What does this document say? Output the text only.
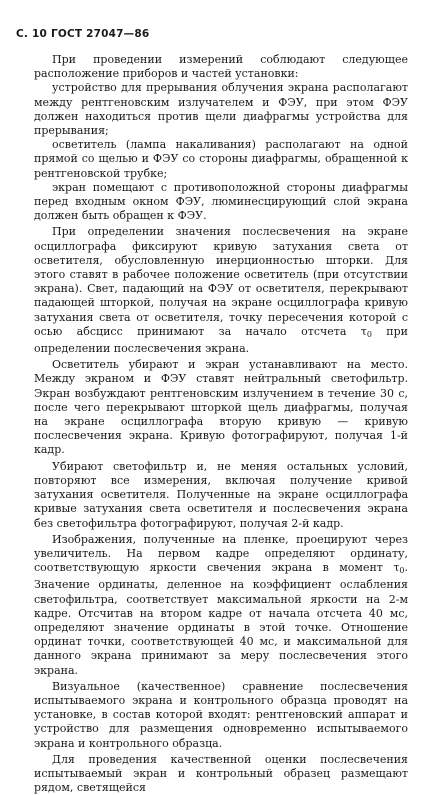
С. 10 ГОСТ 27047—86

При проведении измерений соблюдают следующее расположение приборов и частей установки:

устройство для прерывания облучения экрана располагают между рентгеновским излучателем и ФЭУ, при этом ФЭУ должен находиться против щели диафрагмы устройства для прерывания;

осветитель (лампа накаливания) располагают на одной прямой со щелью и ФЭУ со стороны диафрагмы, обращенной к рентгеновской трубке;

экран помещают с противоположной стороны диафрагмы перед входным окном ФЭУ, люминесцирующий слой экрана должен быть обращен к ФЭУ.

При определении значения послесвечения на экране осциллографа фиксируют кривую затухания света от осветителя, обусловленную инерционностью шторки. Для этого ставят в рабочее положение осветитель (при отсутствии экрана). Свет, падающий на ФЭУ от осветителя, перекрывают падающей шторкой, получая на экране осциллографа кривую затухания света от осветителя, точку пересечения которой с осью абсцисс принимают за начало отсчета $\tau_0$ при определении послесвечения экрана.

Осветитель убирают и экран устанавливают на место. Между экраном и ФЭУ ставят нейтральный светофильтр. Экран возбуждают рентгеновским излучением в течение 30 с, после чего перекрывают шторкой щель диафрагмы, получая на экране осциллографа вторую кривую — кривую послесвечения экрана. Кривую фотографируют, получая 1-й кадр.

Убирают светофильтр и, не меняя остальных условий, повторяют все измерения, включая получение кривой затухания осветителя. Полученные на экране осциллографа кривые затухания света осветителя и послесвечения экрана без светофильтра фотографируют, получая 2-й кадр.

Изображения, полученные на пленке, проецируют через увеличитель. На первом кадре определяют ординату, соответствующую яркости свечения экрана в момент $\tau_0$. Значение ординаты, деленное на коэффициент ослабления светофильтра, соответствует максимальной яркости на 2-м кадре. Отсчитав на втором кадре от начала отсчета 40 мс, определяют значение ординаты в этой точке. Отношение ординат точки, соответствующей 40 мс, и максимальной для данного экрана принимают за меру послесвечения этого экрана.

Визуальное (качественное) сравнение послесвечения испытываемого экрана и контрольного образца проводят на установке, в состав которой входят: рентгеновский аппарат и устройство для размещения одновременно испытываемого экрана и контрольного образца.

Для проведения качественной оценки послесвечения испытываемый экран и контрольный образец размещают рядом, светящейся
